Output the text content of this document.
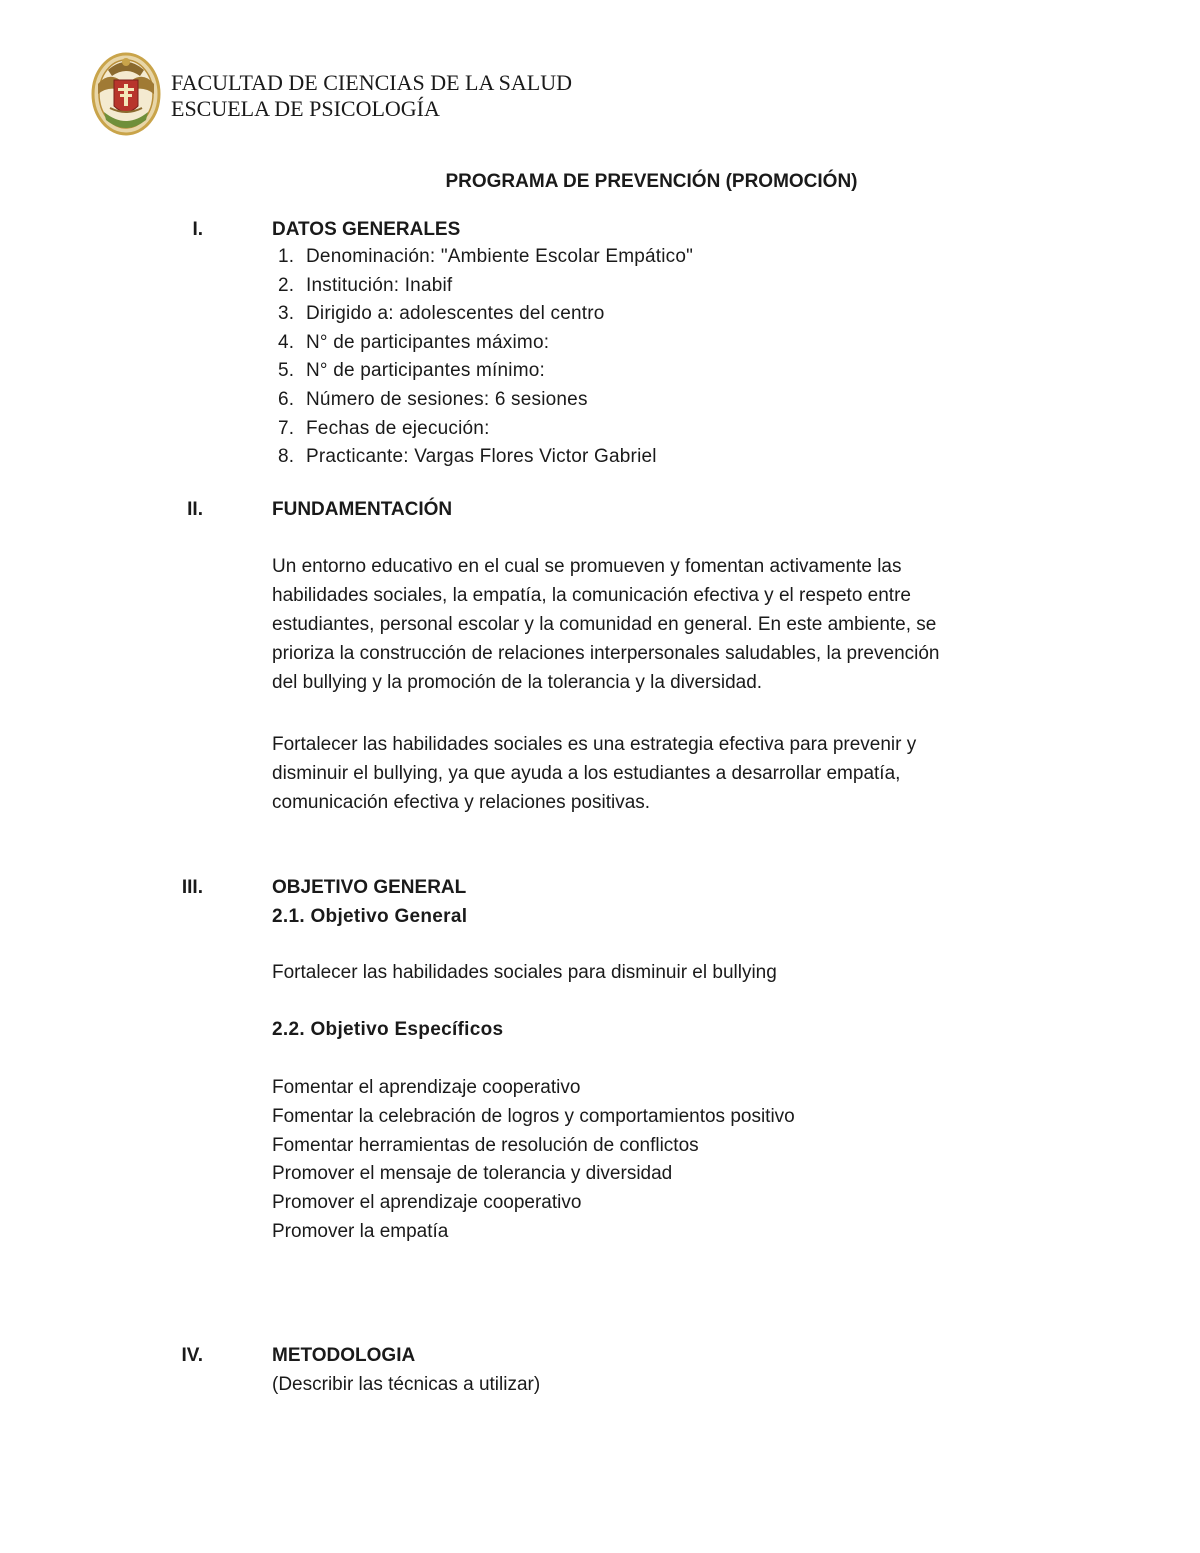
FACULTAD DE CIENCIAS DE LA SALUD
ESCUELA DE PSICOLOGÍA
PROGRAMA DE PREVENCIÓN (PROMOCIÓN)
I.	DATOS GENERALES
1. Denominación: "Ambiente Escolar Empático"
2. Institución: Inabif
3. Dirigido a: adolescentes del centro
4. N° de participantes máximo:
5. N° de participantes mínimo:
6. Número de sesiones: 6 sesiones
7. Fechas de ejecución:
8. Practicante: Vargas Flores Victor Gabriel
II.	FUNDAMENTACIÓN

Un entorno educativo en el cual se promueven y fomentan activamente las
habilidades sociales, la empatía, la comunicación efectiva y el respeto entre
estudiantes, personal escolar y la comunidad en general. En este ambiente, se
prioriza la construcción de relaciones interpersonales saludables, la prevención
del bullying y la promoción de la tolerancia y la diversidad.

Fortalecer las habilidades sociales es una estrategia efectiva para prevenir y
disminuir el bullying, ya que ayuda a los estudiantes a desarrollar empatía,
comunicación efectiva y relaciones positivas.

III.	OBJETIVO GENERAL
2.1. Objetivo General
Fortalecer las habilidades sociales para disminuir el bullying
2.2. Objetivo Específicos
Fomentar el aprendizaje cooperativo
Fomentar la celebración de logros y comportamientos positivo
Fomentar herramientas de resolución de conflictos
Promover el mensaje de tolerancia y diversidad
Promover el aprendizaje cooperativo
Promover la empatía
IV.	METODOLOGIA
(Describir las técnicas a utilizar)
